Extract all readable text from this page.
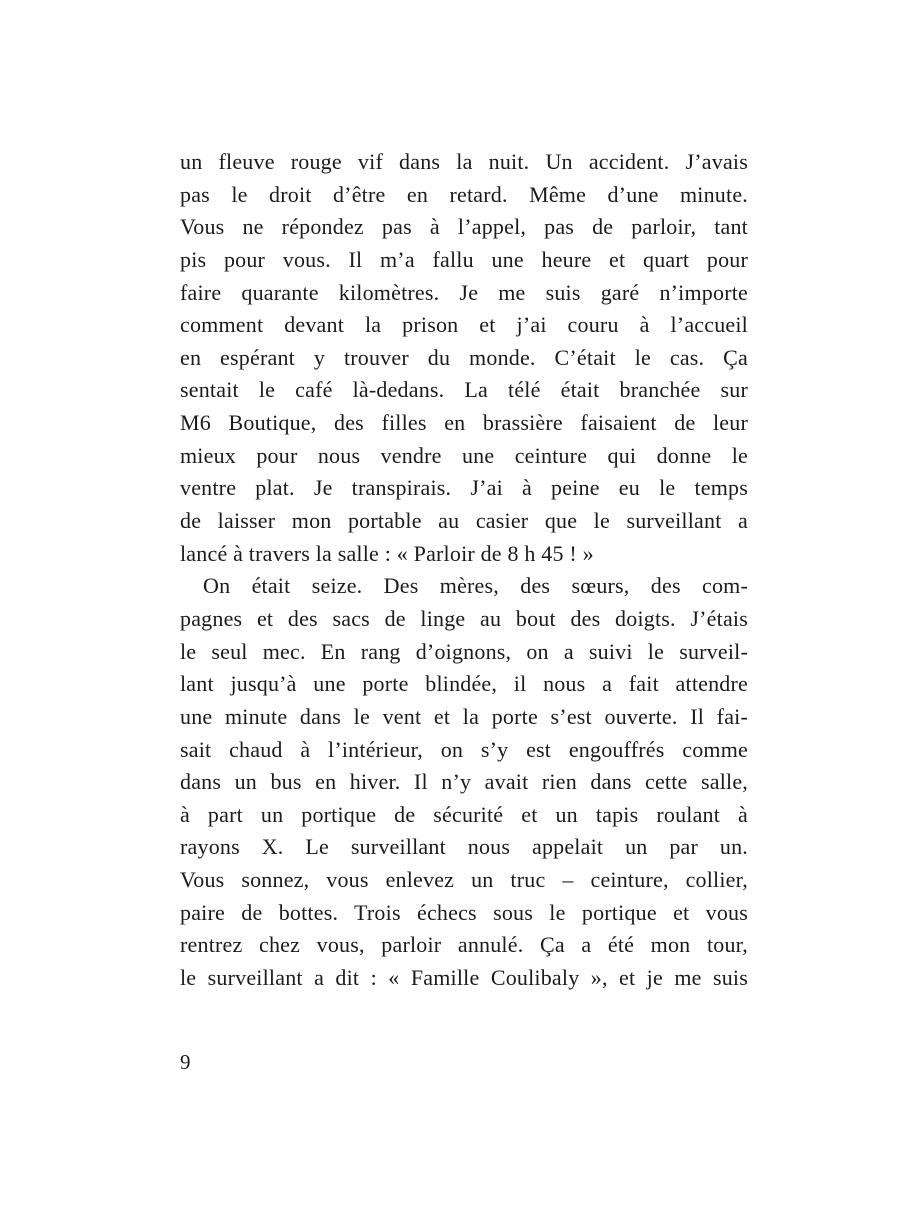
un fleuve rouge vif dans la nuit. Un accident. J’avais
pas le droit d’être en retard. Même d’une minute.
Vous ne répondez pas à l’appel, pas de parloir, tant
pis pour vous. Il m’a fallu une heure et quart pour
faire quarante kilomètres. Je me suis garé n’importe
comment devant la prison et j’ai couru à l’accueil
en espérant y trouver du monde. C’était le cas. Ça
sentait le café là-dedans. La télé était branchée sur
M6 Boutique, des filles en brassière faisaient de leur
mieux pour nous vendre une ceinture qui donne le
ventre plat. Je transpirais. J’ai à peine eu le temps
de laisser mon portable au casier que le surveillant a
lancé à travers la salle : « Parloir de 8 h 45 ! »
On était seize. Des mères, des sœurs, des com-
pagnes et des sacs de linge au bout des doigts. J’étais
le seul mec. En rang d’oignons, on a suivi le surveil-
lant jusqu’à une porte blindée, il nous a fait attendre
une minute dans le vent et la porte s’est ouverte. Il fai-
sait chaud à l’intérieur, on s’y est engouffrés comme
dans un bus en hiver. Il n’y avait rien dans cette salle,
à part un portique de sécurité et un tapis roulant à
rayons X. Le surveillant nous appelait un par un.
Vous sonnez, vous enlevez un truc – ceinture, collier,
paire de bottes. Trois échecs sous le portique et vous
rentrez chez vous, parloir annulé. Ça a été mon tour,
le surveillant a dit : « Famille Coulibaly », et je me suis
9
